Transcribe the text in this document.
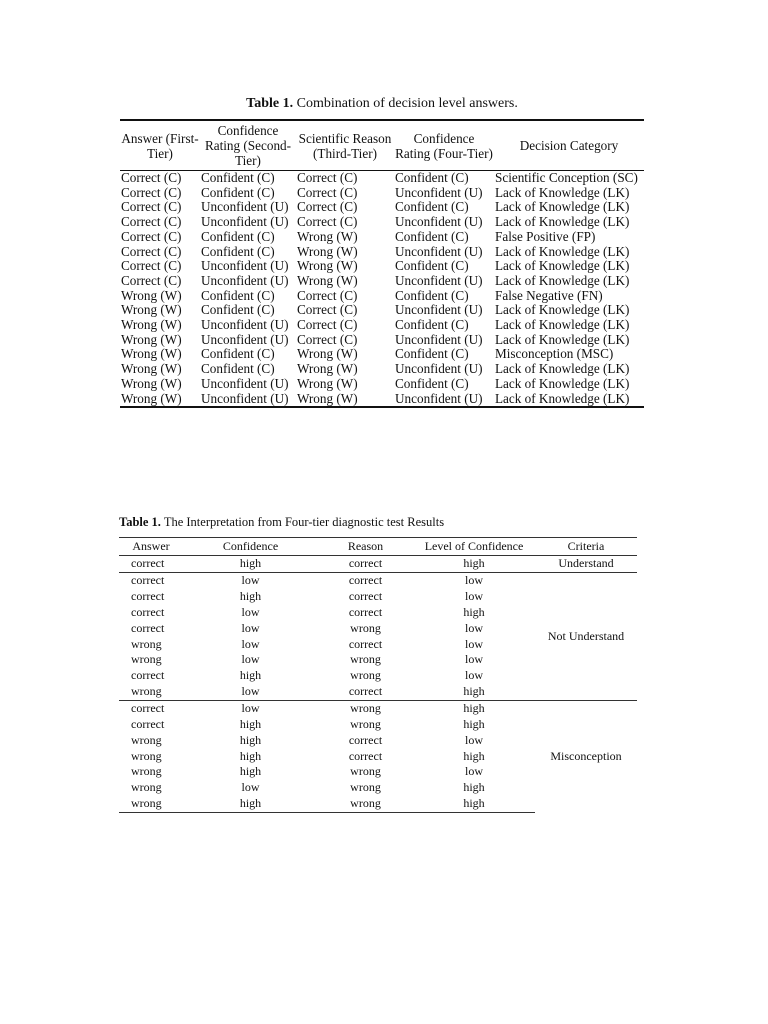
Table 1. Combination of decision level answers.
Answer (First-Tier)	Confidence Rating (Second-Tier)	Scientific Reason (Third-Tier)	Confidence Rating (Four-Tier)	Decision Category
Correct (C)	Confident (C)	Correct (C)	Confident (C)	Scientific Conception (SC)
Correct (C)	Confident (C)	Correct (C)	Unconfident (U)	Lack of Knowledge (LK)
Correct (C)	Unconfident (U)	Correct (C)	Confident (C)	Lack of Knowledge (LK)
Correct (C)	Unconfident (U)	Correct (C)	Unconfident (U)	Lack of Knowledge (LK)
Correct (C)	Confident (C)	Wrong (W)	Confident (C)	False Positive (FP)
Correct (C)	Confident (C)	Wrong (W)	Unconfident (U)	Lack of Knowledge (LK)
Correct (C)	Unconfident (U)	Wrong (W)	Confident (C)	Lack of Knowledge (LK)
Correct (C)	Unconfident (U)	Wrong (W)	Unconfident (U)	Lack of Knowledge (LK)
Wrong (W)	Confident (C)	Correct (C)	Confident (C)	False Negative (FN)
Wrong (W)	Confident (C)	Correct (C)	Unconfident (U)	Lack of Knowledge (LK)
Wrong (W)	Unconfident (U)	Correct (C)	Confident (C)	Lack of Knowledge (LK)
Wrong (W)	Unconfident (U)	Correct (C)	Unconfident (U)	Lack of Knowledge (LK)
Wrong (W)	Confident (C)	Wrong (W)	Confident (C)	Misconception (MSC)
Wrong (W)	Confident (C)	Wrong (W)	Unconfident (U)	Lack of Knowledge (LK)
Wrong (W)	Unconfident (U)	Wrong (W)	Confident (C)	Lack of Knowledge (LK)
Wrong (W)	Unconfident (U)	Wrong (W)	Unconfident (U)	Lack of Knowledge (LK)
Table 1. The Interpretation from Four-tier diagnostic test Results
Answer	Confidence	Reason	Level of Confidence	Criteria
correct	high	correct	high	Understand
correct	low	correct	low	Not Understand
correct	high	correct	low	
correct	low	correct	high	
correct	low	wrong	low	
wrong	low	correct	low	
wrong	low	wrong	low	
correct	high	wrong	low	
wrong	low	correct	high	
correct	low	wrong	high	Misconception
correct	high	wrong	high	
wrong	high	correct	low	
wrong	high	correct	high	
wrong	high	wrong	low	
wrong	low	wrong	high	
wrong	high	wrong	high	
